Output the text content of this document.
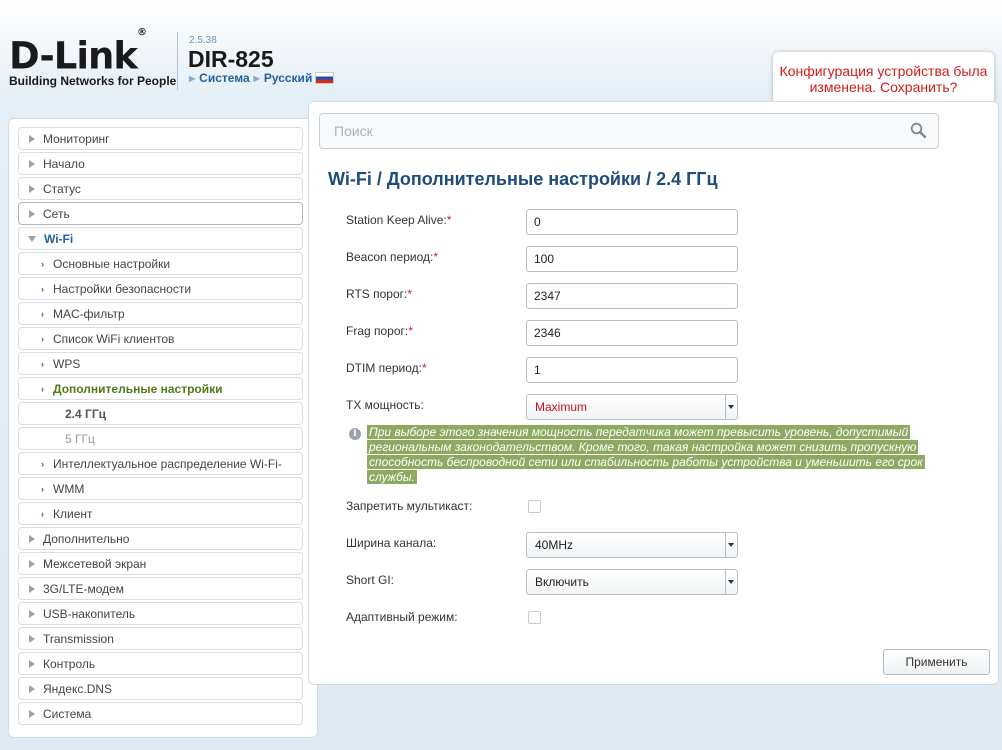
D-Link®
Building Networks for People
2.5.38
DIR-825
▶ Система ▶ Русский	Конфигурация устройства была изменена. Сохранить?
Мониторинг
Начало
Статус
Сеть
Wi-Fi
› Основные настройки
› Настройки безопасности
› MAC-фильтр
› Список WiFi клиентов
› WPS
› Дополнительные настройки
2.4 ГГц
5 ГГц
› Интеллектуальное распределение Wi-Fi-
› WMM
› Клиент
Дополнительно
Межсетевой экран
3G/LTE-модем
USB-накопитель
Transmission
Контроль
Яндекс.DNS
Система
Поиск
Wi-Fi / Дополнительные настройки / 2.4 ГГц
Station Keep Alive:*	0
Beacon период:*	100
RTS порог:*	2347
Frag порог:*	2346
DTIM период:*	1
TX мощность:	Maximum
i	При выборе этого значения мощность передатчика может превысить уровень, допустимый региональным законодательством. Кроме того, такая настройка может снизить пропускную способность беспроводной сети или стабильность работы устройства и уменьшить его срок службы.
Запретить мультикаст:
Ширина канала:	40MHz
Short GI:	Включить
Адаптивный режим:
Применить
